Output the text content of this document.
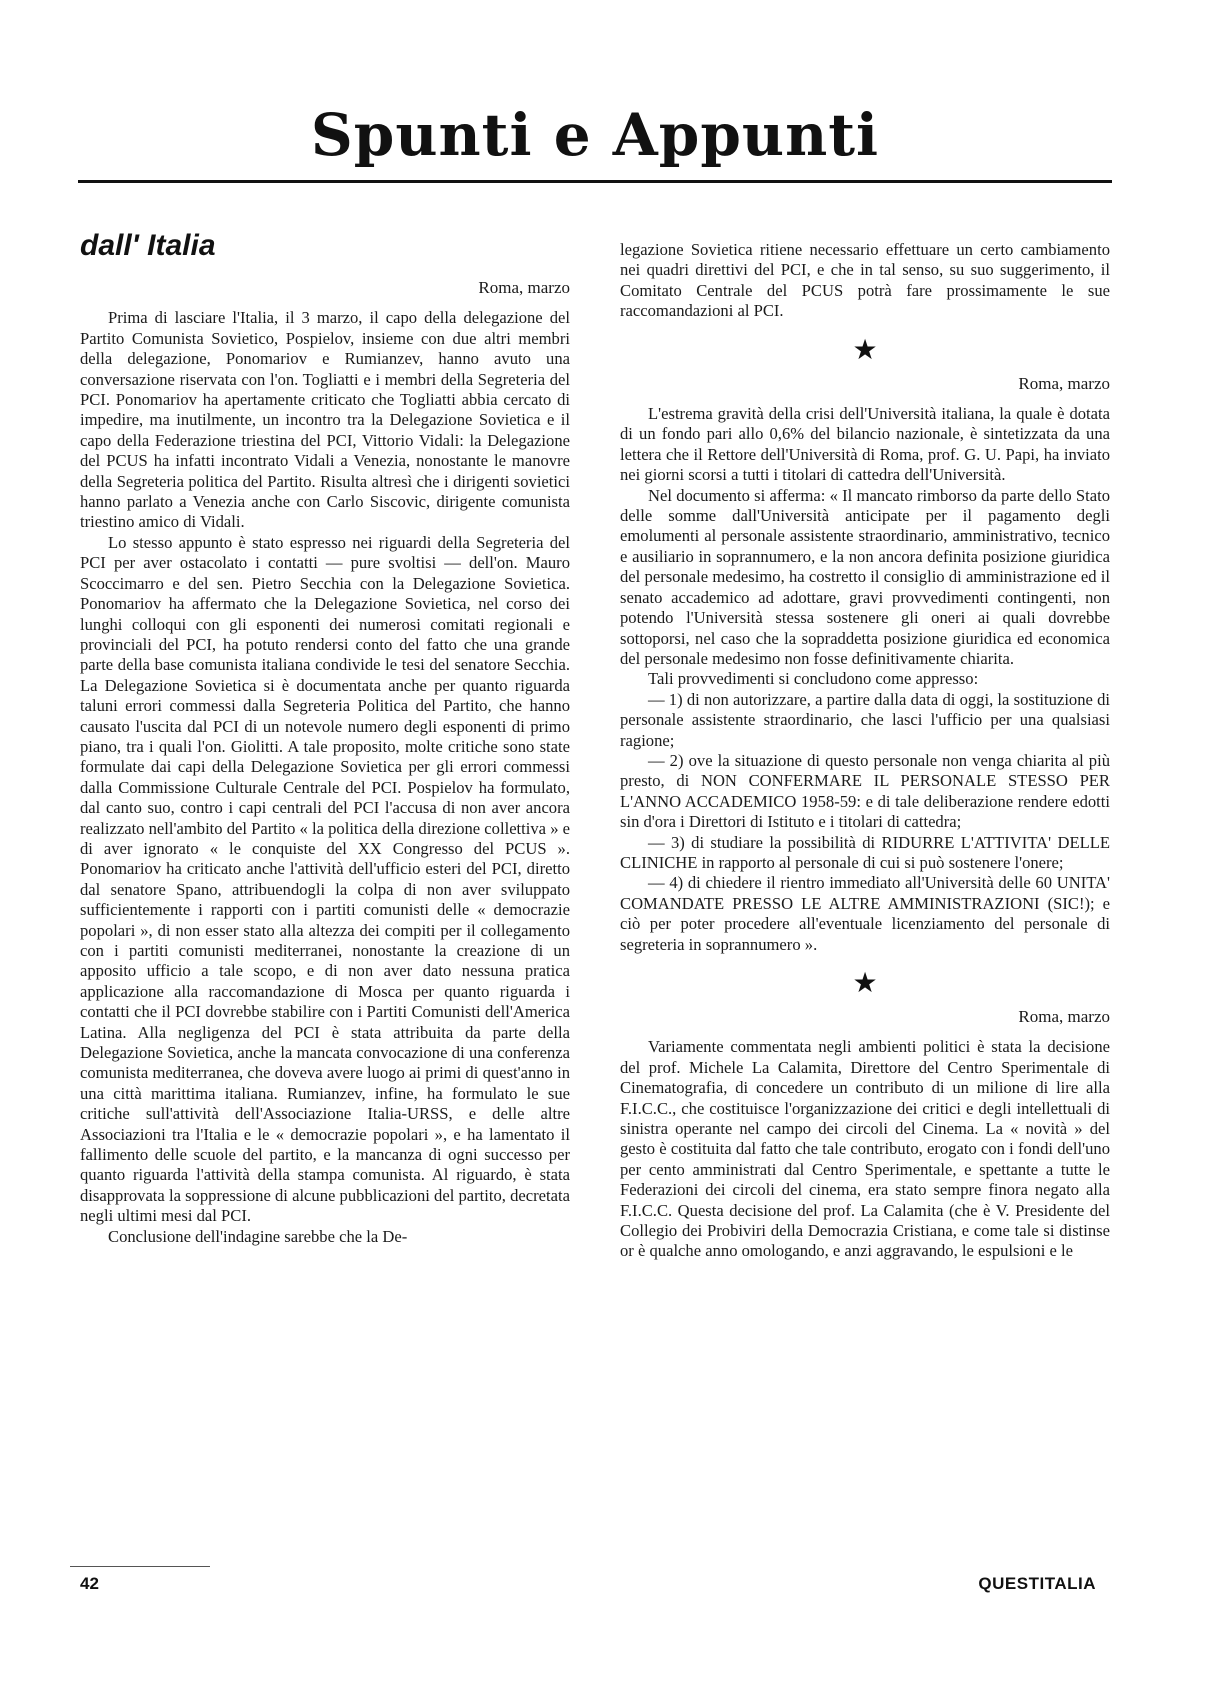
Spunti e Appunti
dall' Italia
Roma, marzo

Prima di lasciare l'Italia, il 3 marzo, il capo della delegazione del Partito Comunista Sovietico, Pospielov, insieme con due altri membri della delegazione, Ponomariov e Rumianzev, hanno avuto una conversazione riservata con l'on. Togliatti e i membri della Segreteria del PCI. Ponomariov ha apertamente criticato che Togliatti abbia cercato di impedire, ma inutilmente, un incontro tra la Delegazione Sovietica e il capo della Federazione triestina del PCI, Vittorio Vidali: la Delegazione del PCUS ha infatti incontrato Vidali a Venezia, nonostante le manovre della Segreteria politica del Partito. Risulta altresì che i dirigenti sovietici hanno parlato a Venezia anche con Carlo Siscovic, dirigente comunista triestino amico di Vidali.

Lo stesso appunto è stato espresso nei riguardi della Segreteria del PCI per aver ostacolato i contatti — pure svoltisi — dell'on. Mauro Scoccimarro e del sen. Pietro Secchia con la Delegazione Sovietica. Ponomariov ha affermato che la Delegazione Sovietica, nel corso dei lunghi colloqui con gli esponenti dei numerosi comitati regionali e provinciali del PCI, ha potuto rendersi conto del fatto che una grande parte della base comunista italiana condivide le tesi del senatore Secchia. La Delegazione Sovietica si è documentata anche per quanto riguarda taluni errori commessi dalla Segreteria Politica del Partito, che hanno causato l'uscita dal PCI di un notevole numero degli esponenti di primo piano, tra i quali l'on. Giolitti. A tale proposito, molte critiche sono state formulate dai capi della Delegazione Sovietica per gli errori commessi dalla Commissione Culturale Centrale del PCI. Pospielov ha formulato, dal canto suo, contro i capi centrali del PCI l'accusa di non aver ancora realizzato nell'ambito del Partito « la politica della direzione collettiva » e di aver ignorato « le conquiste del XX Congresso del PCUS ». Ponomariov ha criticato anche l'attività dell'ufficio esteri del PCI, diretto dal senatore Spano, attribuendogli la colpa di non aver sviluppato sufficientemente i rapporti con i partiti comunisti delle « democrazie popolari », di non esser stato alla altezza dei compiti per il collegamento con i partiti comunisti mediterranei, nonostante la creazione di un apposito ufficio a tale scopo, e di non aver dato nessuna pratica applicazione alla raccomandazione di Mosca per quanto riguarda i contatti che il PCI dovrebbe stabilire con i Partiti Comunisti dell'America Latina. Alla negligenza del PCI è stata attribuita da parte della Delegazione Sovietica, anche la mancata convocazione di una conferenza comunista mediterranea, che doveva avere luogo ai primi di quest'anno in una città marittima italiana. Rumianzev, infine, ha formulato le sue critiche sull'attività dell'Associazione Italia-URSS, e delle altre Associazioni tra l'Italia e le « democrazie popolari », e ha lamentato il fallimento delle scuole del partito, e la mancanza di ogni successo per quanto riguarda l'attività della stampa comunista. Al riguardo, è stata disapprovata la soppressione di alcune pubblicazioni del partito, decretata negli ultimi mesi dal PCI.

Conclusione dell'indagine sarebbe che la De-

legazione Sovietica ritiene necessario effettuare un certo cambiamento nei quadri direttivi del PCI, e che in tal senso, su suo suggerimento, il Comitato Centrale del PCUS potrà fare prossimamente le sue raccomandazioni al PCI.

★
Roma, marzo

L'estrema gravità della crisi dell'Università italiana, la quale è dotata di un fondo pari allo 0,6% del bilancio nazionale, è sintetizzata da una lettera che il Rettore dell'Università di Roma, prof. G. U. Papi, ha inviato nei giorni scorsi a tutti i titolari di cattedra dell'Università.

Nel documento si afferma: « Il mancato rimborso da parte dello Stato delle somme dall'Università anticipate per il pagamento degli emolumenti al personale assistente straordinario, amministrativo, tecnico e ausiliario in soprannumero, e la non ancora definita posizione giuridica del personale medesimo, ha costretto il consiglio di amministrazione ed il senato accademico ad adottare, gravi provvedimenti contingenti, non potendo l'Università stessa sostenere gli oneri ai quali dovrebbe sottoporsi, nel caso che la sopraddetta posizione giuridica ed economica del personale medesimo non fosse definitivamente chiarita.

Tali provvedimenti si concludono come appresso:

— 1) di non autorizzare, a partire dalla data di oggi, la sostituzione di personale assistente straordinario, che lasci l'ufficio per una qualsiasi ragione;

— 2) ove la situazione di questo personale non venga chiarita al più presto, di NON CONFERMARE IL PERSONALE STESSO PER L'ANNO ACCADEMICO 1958-59: e di tale deliberazione rendere edotti sin d'ora i Direttori di Istituto e i titolari di cattedra;

— 3) di studiare la possibilità di RIDURRE L'ATTIVITA' DELLE CLINICHE in rapporto al personale di cui si può sostenere l'onere;

— 4) di chiedere il rientro immediato all'Università delle 60 UNITA' COMANDATE PRESSO LE ALTRE AMMINISTRAZIONI (SIC!); e ciò per poter procedere all'eventuale licenziamento del personale di segreteria in soprannumero ».

★
Roma, marzo

Variamente commentata negli ambienti politici è stata la decisione del prof. Michele La Calamita, Direttore del Centro Sperimentale di Cinematografia, di concedere un contributo di un milione di lire alla F.I.C.C., che costituisce l'organizzazione dei critici e degli intellettuali di sinistra operante nel campo dei circoli del Cinema. La « novità » del gesto è costituita dal fatto che tale contributo, erogato con i fondi dell'uno per cento amministrati dal Centro Sperimentale, e spettante a tutte le Federazioni dei circoli del cinema, era stato sempre finora negato alla F.I.C.C. Questa decisione del prof. La Calamita (che è V. Presidente del Collegio dei Probiviri della Democrazia Cristiana, e come tale si distinse or è qualche anno omologando, e anzi aggravando, le espulsioni e le

42	QUESTITALIA
